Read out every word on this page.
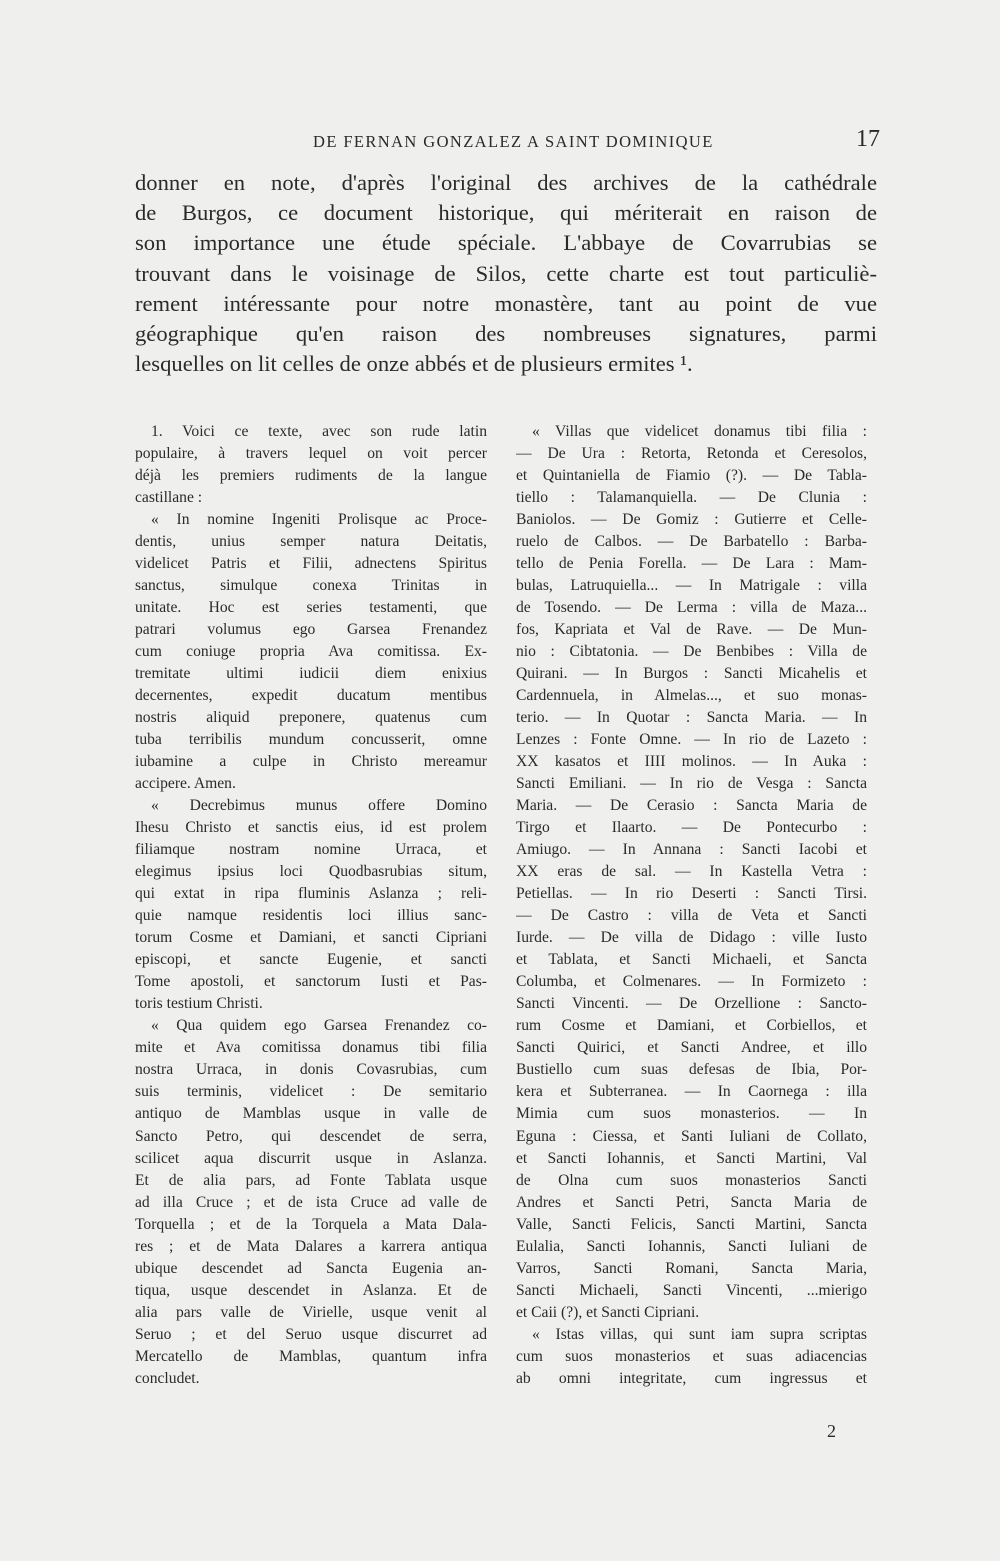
DE FERNAN GONZALEZ A SAINT DOMINIQUE	17
donner en note, d'après l'original des archives de la cathédrale
de Burgos, ce document historique, qui mériterait en raison de
son importance une étude spéciale. L'abbaye de Covarrubias se
trouvant dans le voisinage de Silos, cette charte est tout particuliè-
rement intéressante pour notre monastère, tant au point de vue
géographique qu'en raison des nombreuses signatures, parmi
lesquelles on lit celles de onze abbés et de plusieurs ermites ¹.
1. Voici ce texte, avec son rude latin
populaire, à travers lequel on voit percer
déjà les premiers rudiments de la langue
castillane :
« In nomine Ingeniti Prolisque ac Proce-
dentis, unius semper natura Deitatis,
videlicet Patris et Filii, adnectens Spiritus
sanctus, simulque conexa Trinitas in
unitate. Hoc est series testamenti, que
patrari volumus ego Garsea Frenandez
cum coniuge propria Ava comitissa. Ex-
tremitate ultimi iudicii diem enixius
decernentes, expedit ducatum mentibus
nostris aliquid preponere, quatenus cum
tuba terribilis mundum concusserit, omne
iubamine a culpe in Christo mereamur
accipere. Amen.
« Decrebimus munus offere Domino
Ihesu Christo et sanctis eius, id est prolem
filiamque nostram nomine Urraca, et
elegimus ipsius loci Quodbasrubias situm,
qui extat in ripa fluminis Aslanza ; reli-
quie namque residentis loci illius sanc-
torum Cosme et Damiani, et sancti Cipriani
episcopi, et sancte Eugenie, et sancti
Tome apostoli, et sanctorum Iusti et Pas-
toris testium Christi.
« Qua quidem ego Garsea Frenandez co-
mite et Ava comitissa donamus tibi filia
nostra Urraca, in donis Covasrubias, cum
suis terminis, videlicet : De semitario
antiquo de Mamblas usque in valle de
Sancto Petro, qui descendet de serra,
scilicet aqua discurrit usque in Aslanza.
Et de alia pars, ad Fonte Tablata usque
ad illa Cruce ; et de ista Cruce ad valle de
Torquella ; et de la Torquela a Mata Dala-
res ; et de Mata Dalares a karrera antiqua
ubique descendet ad Sancta Eugenia an-
tiqua, usque descendet in Aslanza. Et de
alia pars valle de Virielle, usque venit al
Seruo ; et del Seruo usque discurret ad
Mercatello de Mamblas, quantum infra
concludet.
« Villas que videlicet donamus tibi filia :
— De Ura : Retorta, Retonda et Ceresolos,
et Quintaniella de Fiamio (?). — De Tabla-
tiello : Talamanquiella. — De Clunia :
Baniolos. — De Gomiz : Gutierre et Celle-
ruelo de Calbos. — De Barbatello : Barba-
tello de Penia Forella. — De Lara : Mam-
bulas, Latruquiella... — In Matrigale : villa
de Tosendo. — De Lerma : villa de Maza...
fos, Kapriata et Val de Rave. — De Mun-
nio : Cibtatonia. — De Benbibes : Villa de
Quirani. — In Burgos : Sancti Micahelis et
Cardennuela, in Almelas..., et suo monas-
terio. — In Quotar : Sancta Maria. — In
Lenzes : Fonte Omne. — In rio de Lazeto :
XX kasatos et IIII molinos. — In Auka :
Sancti Emiliani. — In rio de Vesga : Sancta
Maria. — De Cerasio : Sancta Maria de
Tirgo et Ilaarto. — De Pontecurbo :
Amiugo. — In Annana : Sancti Iacobi et
XX eras de sal. — In Kastella Vetra :
Petiellas. — In rio Deserti : Sancti Tirsi.
— De Castro : villa de Veta et Sancti
Iurde. — De villa de Didago : ville Iusto
et Tablata, et Sancti Michaeli, et Sancta
Columba, et Colmenares. — In Formizeto :
Sancti Vincenti. — De Orzellione : Sancto-
rum Cosme et Damiani, et Corbiellos, et
Sancti Quirici, et Sancti Andree, et illo
Bustiello cum suas defesas de Ibia, Por-
kera et Subterranea. — In Caornega : illa
Mimia cum suos monasterios. — In
Eguna : Ciessa, et Santi Iuliani de Collato,
et Sancti Iohannis, et Sancti Martini, Val
de Olna cum suos monasterios Sancti
Andres et Sancti Petri, Sancta Maria de
Valle, Sancti Felicis, Sancti Martini, Sancta
Eulalia, Sancti Iohannis, Sancti Iuliani de
Varros, Sancti Romani, Sancta Maria,
Sancti Michaeli, Sancti Vincenti, ...mierigo
et Caii (?), et Sancti Cipriani.
« Istas villas, qui sunt iam supra scriptas
cum suos monasterios et suas adiacencias
ab omni integritate, cum ingressus et
2
